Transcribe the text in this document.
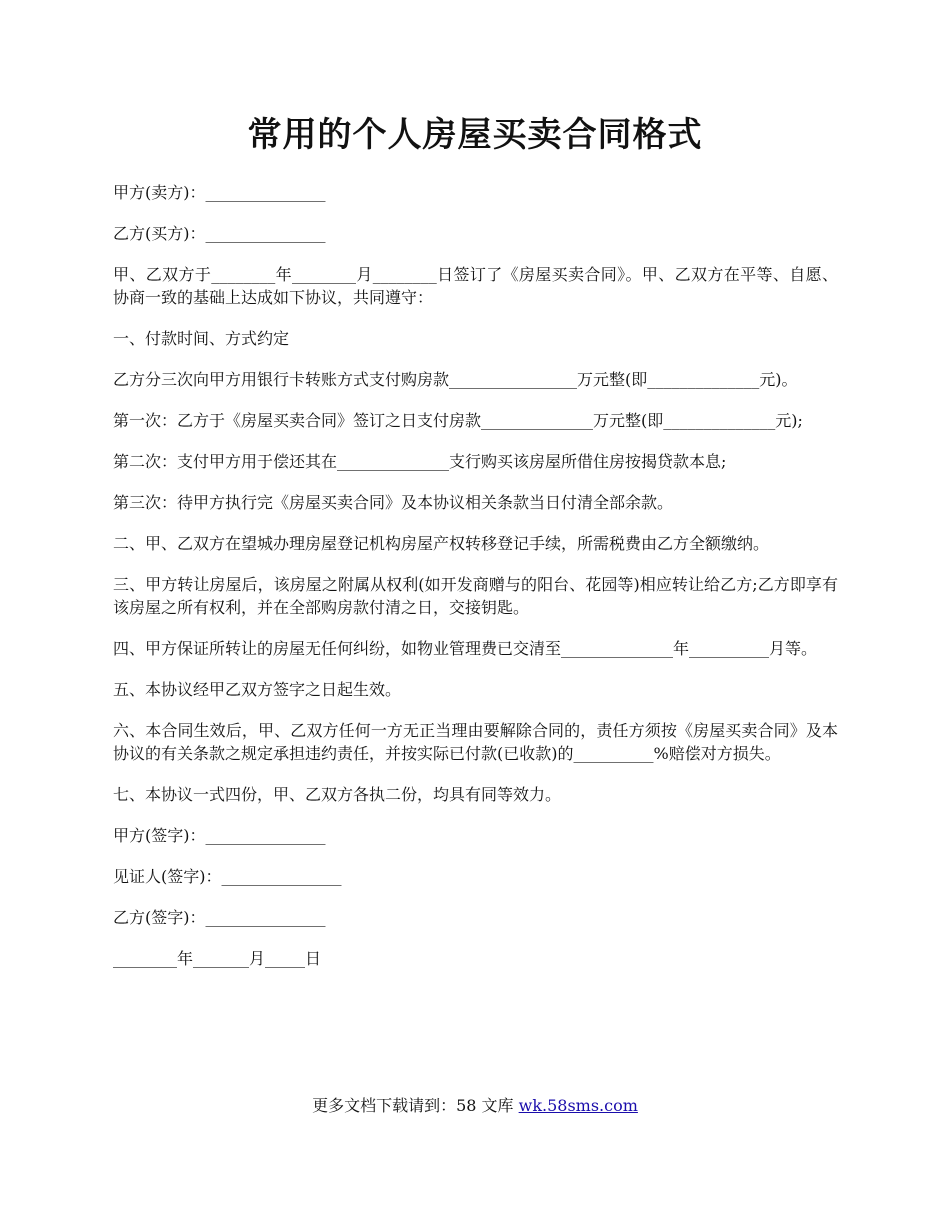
常用的个人房屋买卖合同格式

甲方(卖方)：_______________

乙方(买方)：_______________

甲、乙双方于________年________月________日签订了《房屋买卖合同》。甲、乙双方在平等、自愿、协商一致的基础上达成如下协议，共同遵守：

一、付款时间、方式约定

乙方分三次向甲方用银行卡转账方式支付购房款________________万元整(即______________元)。

第一次：乙方于《房屋买卖合同》签订之日支付房款______________万元整(即______________元);

第二次：支付甲方用于偿还其在______________支行购买该房屋所借住房按揭贷款本息;

第三次：待甲方执行完《房屋买卖合同》及本协议相关条款当日付清全部余款。

二、甲、乙双方在望城办理房屋登记机构房屋产权转移登记手续，所需税费由乙方全额缴纳。

三、甲方转让房屋后，该房屋之附属从权利(如开发商赠与的阳台、花园等)相应转让给乙方;乙方即享有该房屋之所有权利，并在全部购房款付清之日，交接钥匙。

四、甲方保证所转让的房屋无任何纠纷，如物业管理费已交清至______________年__________月等。

五、本协议经甲乙双方签字之日起生效。

六、本合同生效后，甲、乙双方任何一方无正当理由要解除合同的，责任方须按《房屋买卖合同》及本协议的有关条款之规定承担违约责任，并按实际已付款(已收款)的__________%赔偿对方损失。

七、本协议一式四份，甲、乙双方各执二份，均具有同等效力。

甲方(签字)：_______________

见证人(签字)：_______________

乙方(签字)：_______________

________年_______月_____日

更多文档下载请到：58 文库 wk.58sms.com
